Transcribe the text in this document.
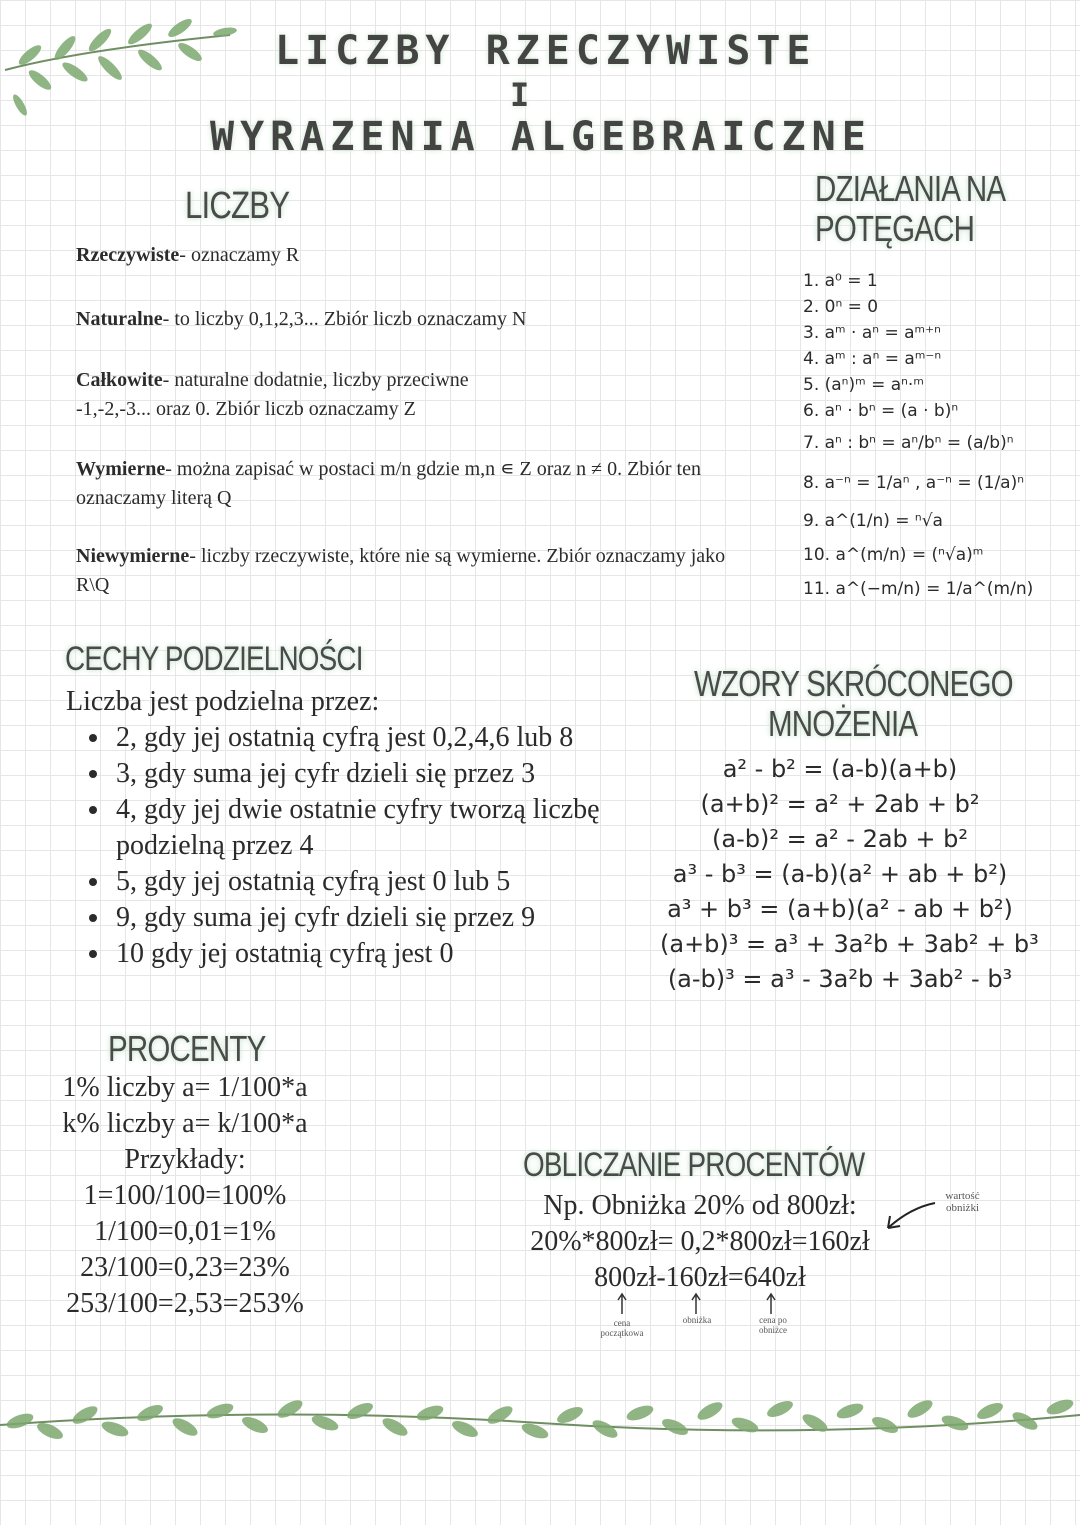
LICZBY RZECZYWISTE
I
WYRAZENIA ALGEBRAICZNE
LICZBY
Rzeczywiste- oznaczamy R
Naturalne- to liczby 0,1,2,3... Zbiór liczb oznaczamy N
Całkowite- naturalne dodatnie, liczby przeciwne -1,-2,-3... oraz 0. Zbiór liczb oznaczamy Z
Wymierne- można zapisać w postaci m/n gdzie m,n ∊ Z oraz n ≠ 0. Zbiór ten oznaczamy literą Q
Niewymierne- liczby rzeczywiste, które nie są wymierne. Zbiór oznaczamy jako R\Q
DZIAŁANIA NA
POTĘGACH
1. a⁰ = 1
2. 0ⁿ = 0
3. aᵐ · aⁿ = aᵐ⁺ⁿ
4. aᵐ : aⁿ = aᵐ⁻ⁿ
5. (aⁿ)ᵐ = aⁿ·ᵐ
6. aⁿ · bⁿ = (a · b)ⁿ
7. aⁿ : bⁿ = aⁿ/bⁿ = (a/b)ⁿ
8. a⁻ⁿ = 1/aⁿ , a⁻ⁿ = (1/a)ⁿ
9. a^(1/n) = ⁿ√a
10. a^(m/n) = (ⁿ√a)ᵐ
11. a^(−m/n) = 1/a^(m/n)
CECHY PODZIELNOŚCI
Liczba jest podzielna przez:
• 2, gdy jej ostatnią cyfrą jest 0,2,4,6 lub 8
• 3, gdy suma jej cyfr dzieli się przez 3
• 4, gdy jej dwie ostatnie cyfry tworzą liczbę podzielną przez 4
• 5, gdy jej ostatnią cyfrą jest 0 lub 5
• 9, gdy suma jej cyfr dzieli się przez 9
• 10 gdy jej ostatnią cyfrą jest 0
WZORY SKRÓCONEGO
MNOŻENIA
a² - b² = (a-b)(a+b)
(a+b)² = a² + 2ab + b²
(a-b)² = a² - 2ab + b²
a³ - b³ = (a-b)(a² + ab + b²)
a³ + b³ = (a+b)(a² - ab + b²)
(a+b)³ = a³ + 3a²b + 3ab² + b³
(a-b)³ = a³ - 3a²b + 3ab² - b³
PROCENTY
1% liczby a= 1/100*a
k% liczby a= k/100*a
Przykłady:
1=100/100=100%
1/100=0,01=1%
23/100=0,23=23%
253/100=2,53=253%
OBLICZANIE PROCENTÓW
Np. Obniżka 20% od 800zł:
20%*800zł= 0,2*800zł=160zł
800zł-160zł=640zł
wartość obniżki
cena początkowa
obniżka	cena po obniżce
